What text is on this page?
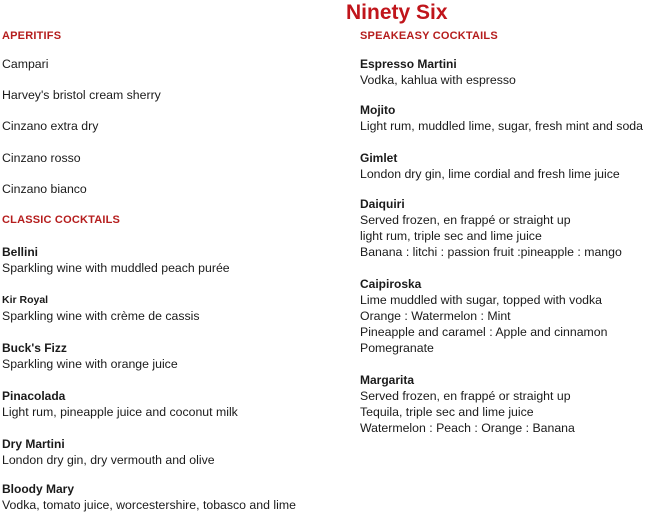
Ninety Six
APERITIFS
Campari
Harvey's bristol cream sherry
Cinzano extra dry
Cinzano rosso
Cinzano bianco
CLASSIC COCKTAILS
Bellini
Sparkling wine with muddled peach purée
Kir Royal
Sparkling wine with crème de cassis
Buck's Fizz
Sparkling wine with orange juice
Pinacolada
Light rum, pineapple juice and coconut milk
Dry Martini
London dry gin, dry vermouth and olive
Bloody Mary
Vodka, tomato juice, worcestershire, tobasco and lime
SPEAKEASY COCKTAILS
Espresso Martini
Vodka, kahlua with espresso
Mojito
Light rum, muddled lime, sugar, fresh mint and soda
Gimlet
London dry gin, lime cordial and fresh lime juice
Daiquiri
Served frozen, en frappé or straight up
light rum, triple sec and lime juice
Banana : litchi : passion fruit :pineapple : mango
Caipiroska
Lime muddled with sugar, topped with vodka
Orange : Watermelon : Mint
Pineapple and caramel : Apple and cinnamon
Pomegranate
Margarita
Served frozen, en frappé or straight up
Tequila, triple sec and lime juice
Watermelon : Peach : Orange : Banana
